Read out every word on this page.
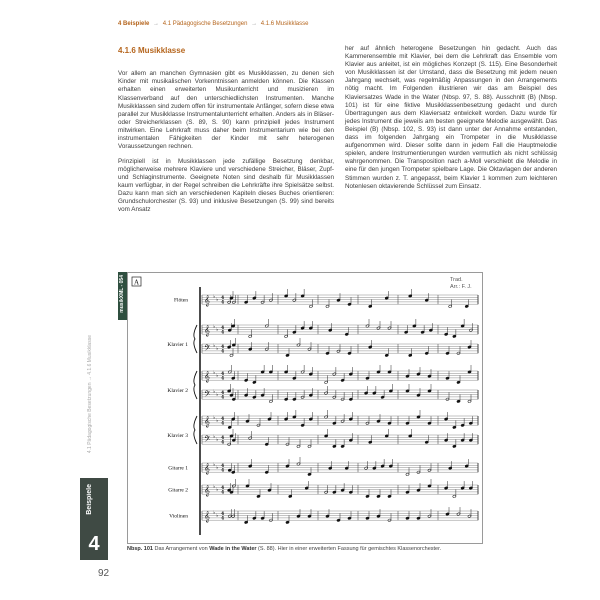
4 Beispiele → 4.1 Pädagogische Besetzungen → 4.1.6 Musikklasse
4.1.6 Musikklasse

Vor allem an manchen Gymnasien gibt es Musikklassen, zu denen sich Kinder mit musikalischen Vorkenntnissen anmelden können. Die Klassen erhalten einen erweiterten Musikunterricht und musizieren im Klassenverband auf den unterschiedlichsten Instrumenten. Manche Musikklassen sind zudem offen für instrumentale Anfänger, sofern diese etwa parallel zur Musikklasse Instrumentalunterricht erhalten. Anders als in Bläser- oder Streicherklassen (S. 89, S. 90) kann prinzipiell jedes Instrument mitwirken. Eine Lehrkraft muss daher beim Instrumentarium wie bei den instrumentalen Fähigkeiten der Kinder mit sehr heterogenen Voraussetzungen rechnen.

Prinzipiell ist in Musikklassen jede zufällige Besetzung denkbar, möglicherweise mehrere Klaviere und verschiedene Streicher, Bläser, Zupf- und Schlaginstrumente. Geeignete Noten sind deshalb für Musikklassen kaum verfügbar, in der Regel schreiben die Lehrkräfte ihre Spielsätze selbst. Dazu kann man sich an verschiedenen Kapiteln dieses Buches orientieren: Grundschulorchester (S. 93) und inklusive Besetzungen (S. 99) sind bereits vom Ansatz

her auf ähnlich heterogene Besetzungen hin gedacht. Auch das Kammerensemble mit Klavier, bei dem die Lehrkraft das Ensemble vom Klavier aus anleitet, ist ein mögliches Konzept (S. 115). Eine Besonderheit von Musikklassen ist der Umstand, dass die Besetzung mit jedem neuen Jahrgang wechselt, was regelmäßig Anpassungen in den Arrangements nötig macht. Im Folgenden illustrieren wir das am Beispiel des Klaviersatzes Wade in the Water (Nbsp. 97, S. 88). Ausschnitt (B) (Nbsp. 101) ist für eine fiktive Musikklassenbesetzung gedacht und durch Übertragungen aus dem Klaviersatz entwickelt worden. Dazu wurde für jedes Instrument die jeweils am besten geeignete Melodie ausgewählt. Das Beispiel (B) (Nbsp. 102, S. 93) ist dann unter der Annahme entstanden, dass im folgenden Jahrgang ein Trompeter in die Musikklasse aufgenommen wird. Dieser sollte dann in jedem Fall die Hauptmelodie spielen, andere Instrumentierungen wurden vermutlich als nicht schlüssig wahrgenommen. Die Transposition nach a-Moll verschiebt die Melodie in eine für den jungen Trompeter spielbare Lage. Die Oktavlagen der anderen Stimmen wurden z. T. angepasst, beim Klavier 1 kommen zum leichteren Notenlesen oktavierende Schlüssel zum Einsatz.

4.1 Pädagogische Besetzungen → 4.1.6 Musikklasse
Beispiele
4
musikXML - 054 A
Flöten
Klavier 1
Klavier 2
Klavier 3
Gitarre 1
Gitarre 2
Violinen
𝄞 ♭ ♭ 4
4
𝄞 ♭ ♭ 4
4
𝄢 ♭ ♭ 4
4
𝄞 ♭ ♭ 4
4
𝄢 ♭ ♭ 4
4
𝄞 ♭ ♭ 4
4
𝄢 ♭ ♭ 4
4
𝄞 ♭ ♭ 4
4
𝄞 ♭ ♭ 4
4
𝄞 ♭ ♭ 4
4
Trad.
Arr.: F. J.
Nbsp. 101 Das Arrangement von Wade in the Water (S. 88). Hier in einer erweiterten Fassung für gemischtes Klassenorchester.
92
